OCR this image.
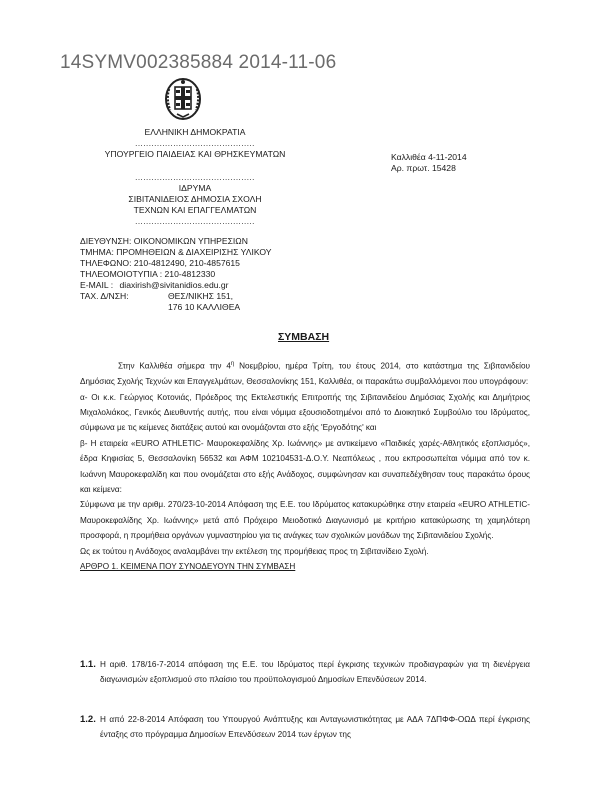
14SYMV002385884 2014-11-06
ΕΛΛΗΝΙΚΗ ΔΗΜΟΚΡΑΤΙΑ
............................................
ΥΠΟΥΡΓΕΙΟ ΠΑΙΔΕΙΑΣ ΚΑΙ ΘΡΗΣΚΕΥΜΑΤΩΝ
............................................
ΙΔΡΥΜΑ
ΣΙΒΙΤΑΝΙΔΕΙΟΣ ΔΗΜΟΣΙΑ ΣΧΟΛΗ
ΤΕΧΝΩΝ ΚΑΙ ΕΠΑΓΓΕΛΜΑΤΩΝ
............................................
Καλλιθέα 4-11-2014
Αρ. πρωτ. 15428
ΔΙΕΥΘΥΝΣΗ: ΟΙΚΟΝΟΜΙΚΩΝ ΥΠΗΡΕΣΙΩΝ
ΤΜΗΜΑ: ΠΡΟΜΗΘΕΙΩΝ & ΔΙΑΧΕΙΡΙΣΗΣ ΥΛΙΚΟΥ
ΤΗΛΕΦΩΝΟ: 210-4812490, 210-4857615
ΤΗΛΕΟΜΟΙΟΤΥΠΙΑ : 210-4812330
E-MAIL : diaxirish@sivitanidios.edu.gr
ΤΑΧ. Δ/ΝΣΗ:	ΘΕΣ/ΝΙΚΗΣ 151,
176 10 ΚΑΛΛΙΘΕΑ
ΣΥΜΒΑΣΗ

Στην Καλλιθέα σήμερα την $4^\eta$ Νοεμβρίου, ημέρα Τρίτη, του έτους 2014, στο κατάστημα της Σιβιτανιδείου Δημόσιας Σχολής Τεχνών και Επαγγελμάτων, Θεσσαλονίκης 151, Καλλιθέα, οι παρακάτω συμβαλλόμενοι που υπογράφουν:

α- Οι κ.κ. Γεώργιος Κοτονιάς, Πρόεδρος της Εκτελεστικής Επιτροπής της Σιβιτανιδείου Δημόσιας Σχολής και Δημήτριος Μιχαλολιάκος, Γενικός Διευθυντής αυτής, που είναι νόμιμα εξουσιοδοτημένοι από το Διοικητικό Συμβούλιο του Ιδρύματος, σύμφωνα με τις κείμενες διατάξεις αυτού και ονομάζονται στο εξής 'Εργοδότης' και

β- Η εταιρεία «EURO ATHLETIC- Μαυροκεφαλίδης Χρ. Ιωάννης» με αντικείμενο «Παιδικές χαρές-Αθλητικός εξοπλισμός», έδρα Κηφισίας 5, Θεσσαλονίκη 56532 και ΑΦΜ 102104531-Δ.Ο.Υ. Νεαπόλεως , που εκπροσωπείται νόμιμα από τον κ. Ιωάννη Μαυροκεφαλίδη και που ονομάζεται στο εξής Ανάδοχος, συμφώνησαν και συναπεδέχθησαν τους παρακάτω όρους και κείμενα:

Σύμφωνα με την αριθμ. 270/23-10-2014 Απόφαση της Ε.Ε. του Ιδρύματος κατακυρώθηκε στην εταιρεία «EURO ATHLETIC- Μαυροκεφαλίδης Χρ. Ιωάννης» μετά από Πρόχειρο Μειοδοτικό Διαγωνισμό με κριτήριο κατακύρωσης τη χαμηλότερη προσφορά, η προμήθεια οργάνων γυμναστηρίου για τις ανάγκες των σχολικών μονάδων της Σιβιτανιδείου Σχολής.

Ως εκ τούτου η Ανάδοχος αναλαμβάνει την εκτέλεση της προμήθειας προς τη Σιβιτανίδειο Σχολή.

ΑΡΘΡΟ 1. ΚΕΙΜΕΝΑ ΠΟΥ ΣΥΝΟΔΕΥΟΥΝ ΤΗΝ ΣΥΜΒΑΣΗ

1.1. Η αριθ. 178/16-7-2014 απόφαση της Ε.Ε. του Ιδρύματος περί έγκρισης τεχνικών προδιαγραφών για τη διενέργεια διαγωνισμών εξοπλισμού στο πλαίσιο του προϋπολογισμού Δημοσίων Επενδύσεων 2014.
1.2. Η από 22-8-2014 Απόφαση του Υπουργού Ανάπτυξης και Ανταγωνιστικότητας με ΑΔΑ 7ΔΠΦΦ-ΟΩΔ περί έγκρισης ένταξης στο πρόγραμμα Δημοσίων Επενδύσεων 2014 των έργων της
